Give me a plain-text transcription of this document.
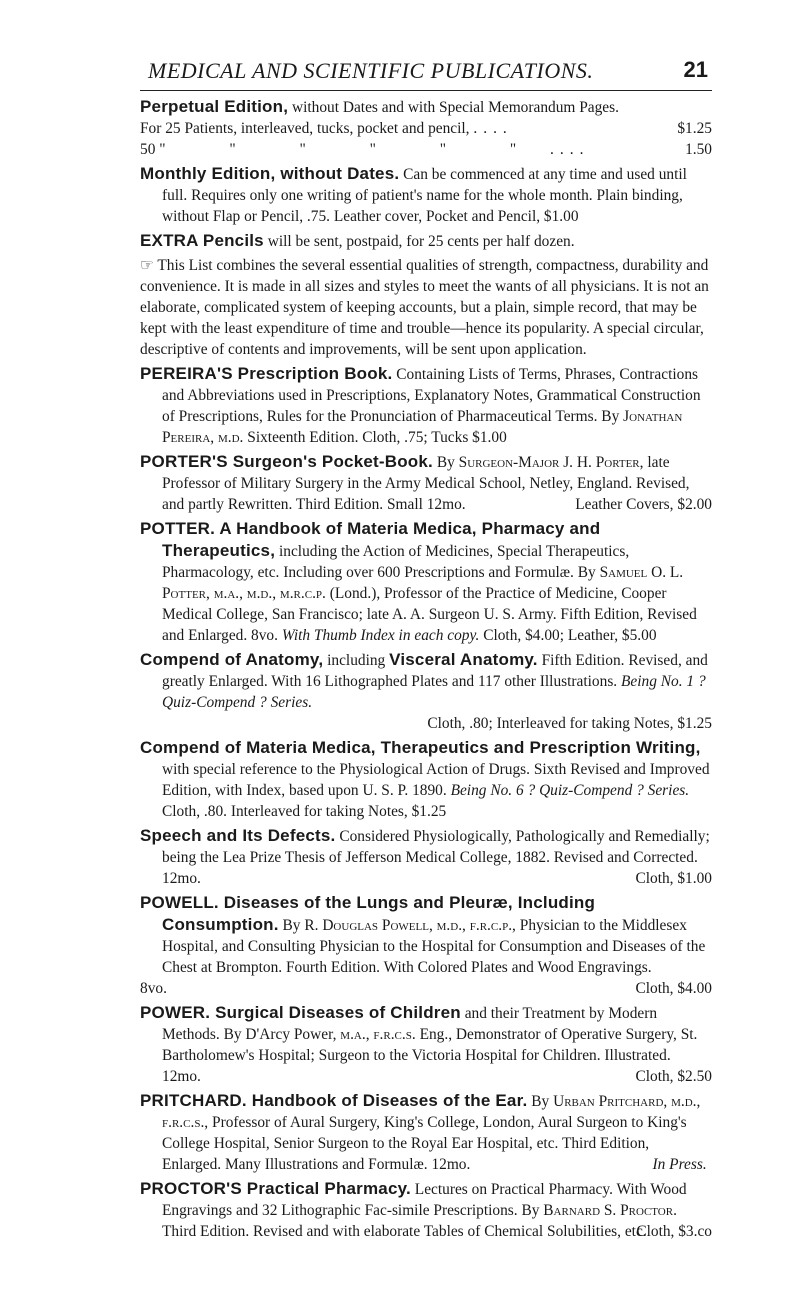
MEDICAL AND SCIENTIFIC PUBLICATIONS.	21
Perpetual Edition, without Dates and with Special Memorandum Pages.
For 25 Patients, interleaved, tucks, pocket and pencil, ....	$1.25
50 " " " " " " ....	1.50
Monthly Edition, without Dates. Can be commenced at any time and used until full. Requires only one writing of patient's name for the whole month. Plain binding, without Flap or Pencil, .75. Leather cover, Pocket and Pencil, $1.00
EXTRA Pencils will be sent, postpaid, for 25 cents per half dozen.
☞ This List combines the several essential qualities of strength, compactness, durability and convenience. It is made in all sizes and styles to meet the wants of all physicians. It is not an elaborate, complicated system of keeping accounts, but a plain, simple record, that may be kept with the least expenditure of time and trouble—hence its popularity. A special circular, descriptive of contents and improvements, will be sent upon application.
PEREIRA'S Prescription Book. Containing Lists of Terms, Phrases, Contractions and Abbreviations used in Prescriptions, Explanatory Notes, Grammatical Construction of Prescriptions, Rules for the Pronunciation of Pharmaceutical Terms. By Jonathan Pereira, m.d. Sixteenth Edition. Cloth, .75; Tucks $1.00
PORTER'S Surgeon's Pocket-Book. By Surgeon-Major J. H. Porter, late Professor of Military Surgery in the Army Medical School, Netley, England. Revised, and partly Rewritten. Third Edition. Small 12mo.	Leather Covers, $2.00
POTTER. A Handbook of Materia Medica, Pharmacy and Therapeutics, including the Action of Medicines, Special Therapeutics, Pharmacology, etc. Including over 600 Prescriptions and Formulæ. By Samuel O. L. Potter, m.a., m.d., m.r.c.p. (Lond.), Professor of the Practice of Medicine, Cooper Medical College, San Francisco; late A. A. Surgeon U. S. Army. Fifth Edition, Revised and Enlarged. 8vo. With Thumb Index in each copy. Cloth, $4.00; Leather, $5.00
Compend of Anatomy, including Visceral Anatomy. Fifth Edition. Revised, and greatly Enlarged. With 16 Lithographed Plates and 117 other Illustrations. Being No. 1 ? Quiz-Compend ? Series.
Cloth, .80; Interleaved for taking Notes, $1.25
Compend of Materia Medica, Therapeutics and Prescription Writing, with special reference to the Physiological Action of Drugs. Sixth Revised and Improved Edition, with Index, based upon U. S. P. 1890. Being No. 6 ? Quiz-Compend ? Series. Cloth, .80. Interleaved for taking Notes, $1.25
Speech and Its Defects. Considered Physiologically, Pathologically and Remedially; being the Lea Prize Thesis of Jefferson Medical College, 1882. Revised and Corrected. 12mo.	Cloth, $1.00
POWELL. Diseases of the Lungs and Pleuræ, Including Consumption. By R. Douglas Powell, m.d., f.r.c.p., Physician to the Middlesex Hospital, and Consulting Physician to the Hospital for Consumption and Diseases of the Chest at Brompton. Fourth Edition. With Colored Plates and Wood Engravings.
8vo.	Cloth, $4.00
POWER. Surgical Diseases of Children and their Treatment by Modern Methods. By D'Arcy Power, m.a., f.r.c.s. Eng., Demonstrator of Operative Surgery, St. Bartholomew's Hospital; Surgeon to the Victoria Hospital for Children. Illustrated. 12mo.	Cloth, $2.50
PRITCHARD. Handbook of Diseases of the Ear. By Urban Pritchard, m.d., f.r.c.s., Professor of Aural Surgery, King's College, London, Aural Surgeon to King's College Hospital, Senior Surgeon to the Royal Ear Hospital, etc. Third Edition, Enlarged. Many Illustrations and Formulæ. 12mo.	In Press.
PROCTOR'S Practical Pharmacy. Lectures on Practical Pharmacy. With Wood Engravings and 32 Lithographic Fac-simile Prescriptions. By Barnard S. Proctor. Third Edition. Revised and with elaborate Tables of Chemical Solubilities, etc.
Cloth, $3.co
